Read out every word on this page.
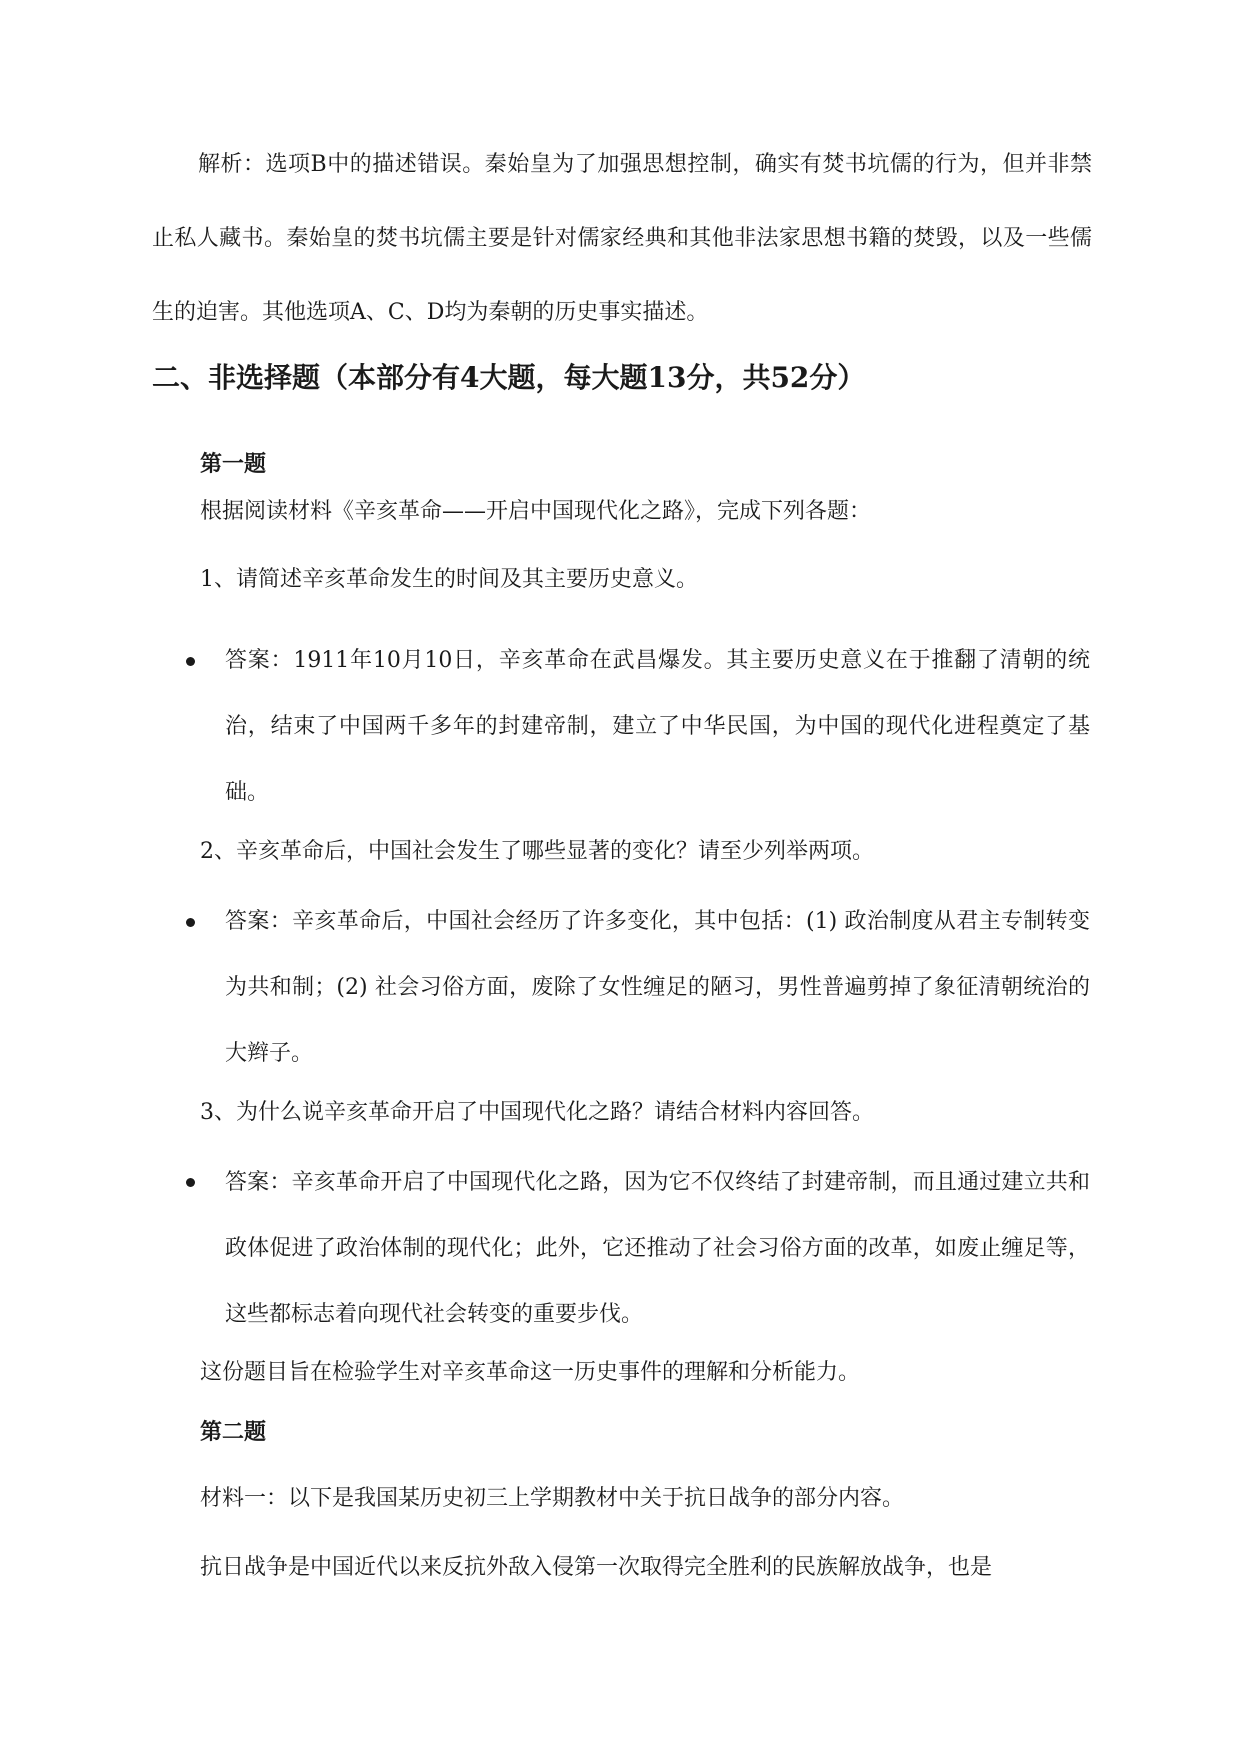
解析：选项B中的描述错误。秦始皇为了加强思想控制，确实有焚书坑儒的行为，但并非禁止私人藏书。秦始皇的焚书坑儒主要是针对儒家经典和其他非法家思想书籍的焚毁，以及一些儒生的迫害。其他选项A、C、D均为秦朝的历史事实描述。
二、非选择题（本部分有4大题，每大题13分，共52分）
第一题
根据阅读材料《辛亥革命——开启中国现代化之路》，完成下列各题：
1、请简述辛亥革命发生的时间及其主要历史意义。
答案：1911年10月10日，辛亥革命在武昌爆发。其主要历史意义在于推翻了清朝的统治，结束了中国两千多年的封建帝制，建立了中华民国，为中国的现代化进程奠定了基础。
2、辛亥革命后，中国社会发生了哪些显著的变化？请至少列举两项。
答案：辛亥革命后，中国社会经历了许多变化，其中包括：(1) 政治制度从君主专制转变为共和制；(2) 社会习俗方面，废除了女性缠足的陋习，男性普遍剪掉了象征清朝统治的大辫子。
3、为什么说辛亥革命开启了中国现代化之路？请结合材料内容回答。
答案：辛亥革命开启了中国现代化之路，因为它不仅终结了封建帝制，而且通过建立共和政体促进了政治体制的现代化；此外，它还推动了社会习俗方面的改革，如废止缠足等，这些都标志着向现代社会转变的重要步伐。
这份题目旨在检验学生对辛亥革命这一历史事件的理解和分析能力。
第二题
材料一：以下是我国某历史初三上学期教材中关于抗日战争的部分内容。
抗日战争是中国近代以来反抗外敌入侵第一次取得完全胜利的民族解放战争，也是
